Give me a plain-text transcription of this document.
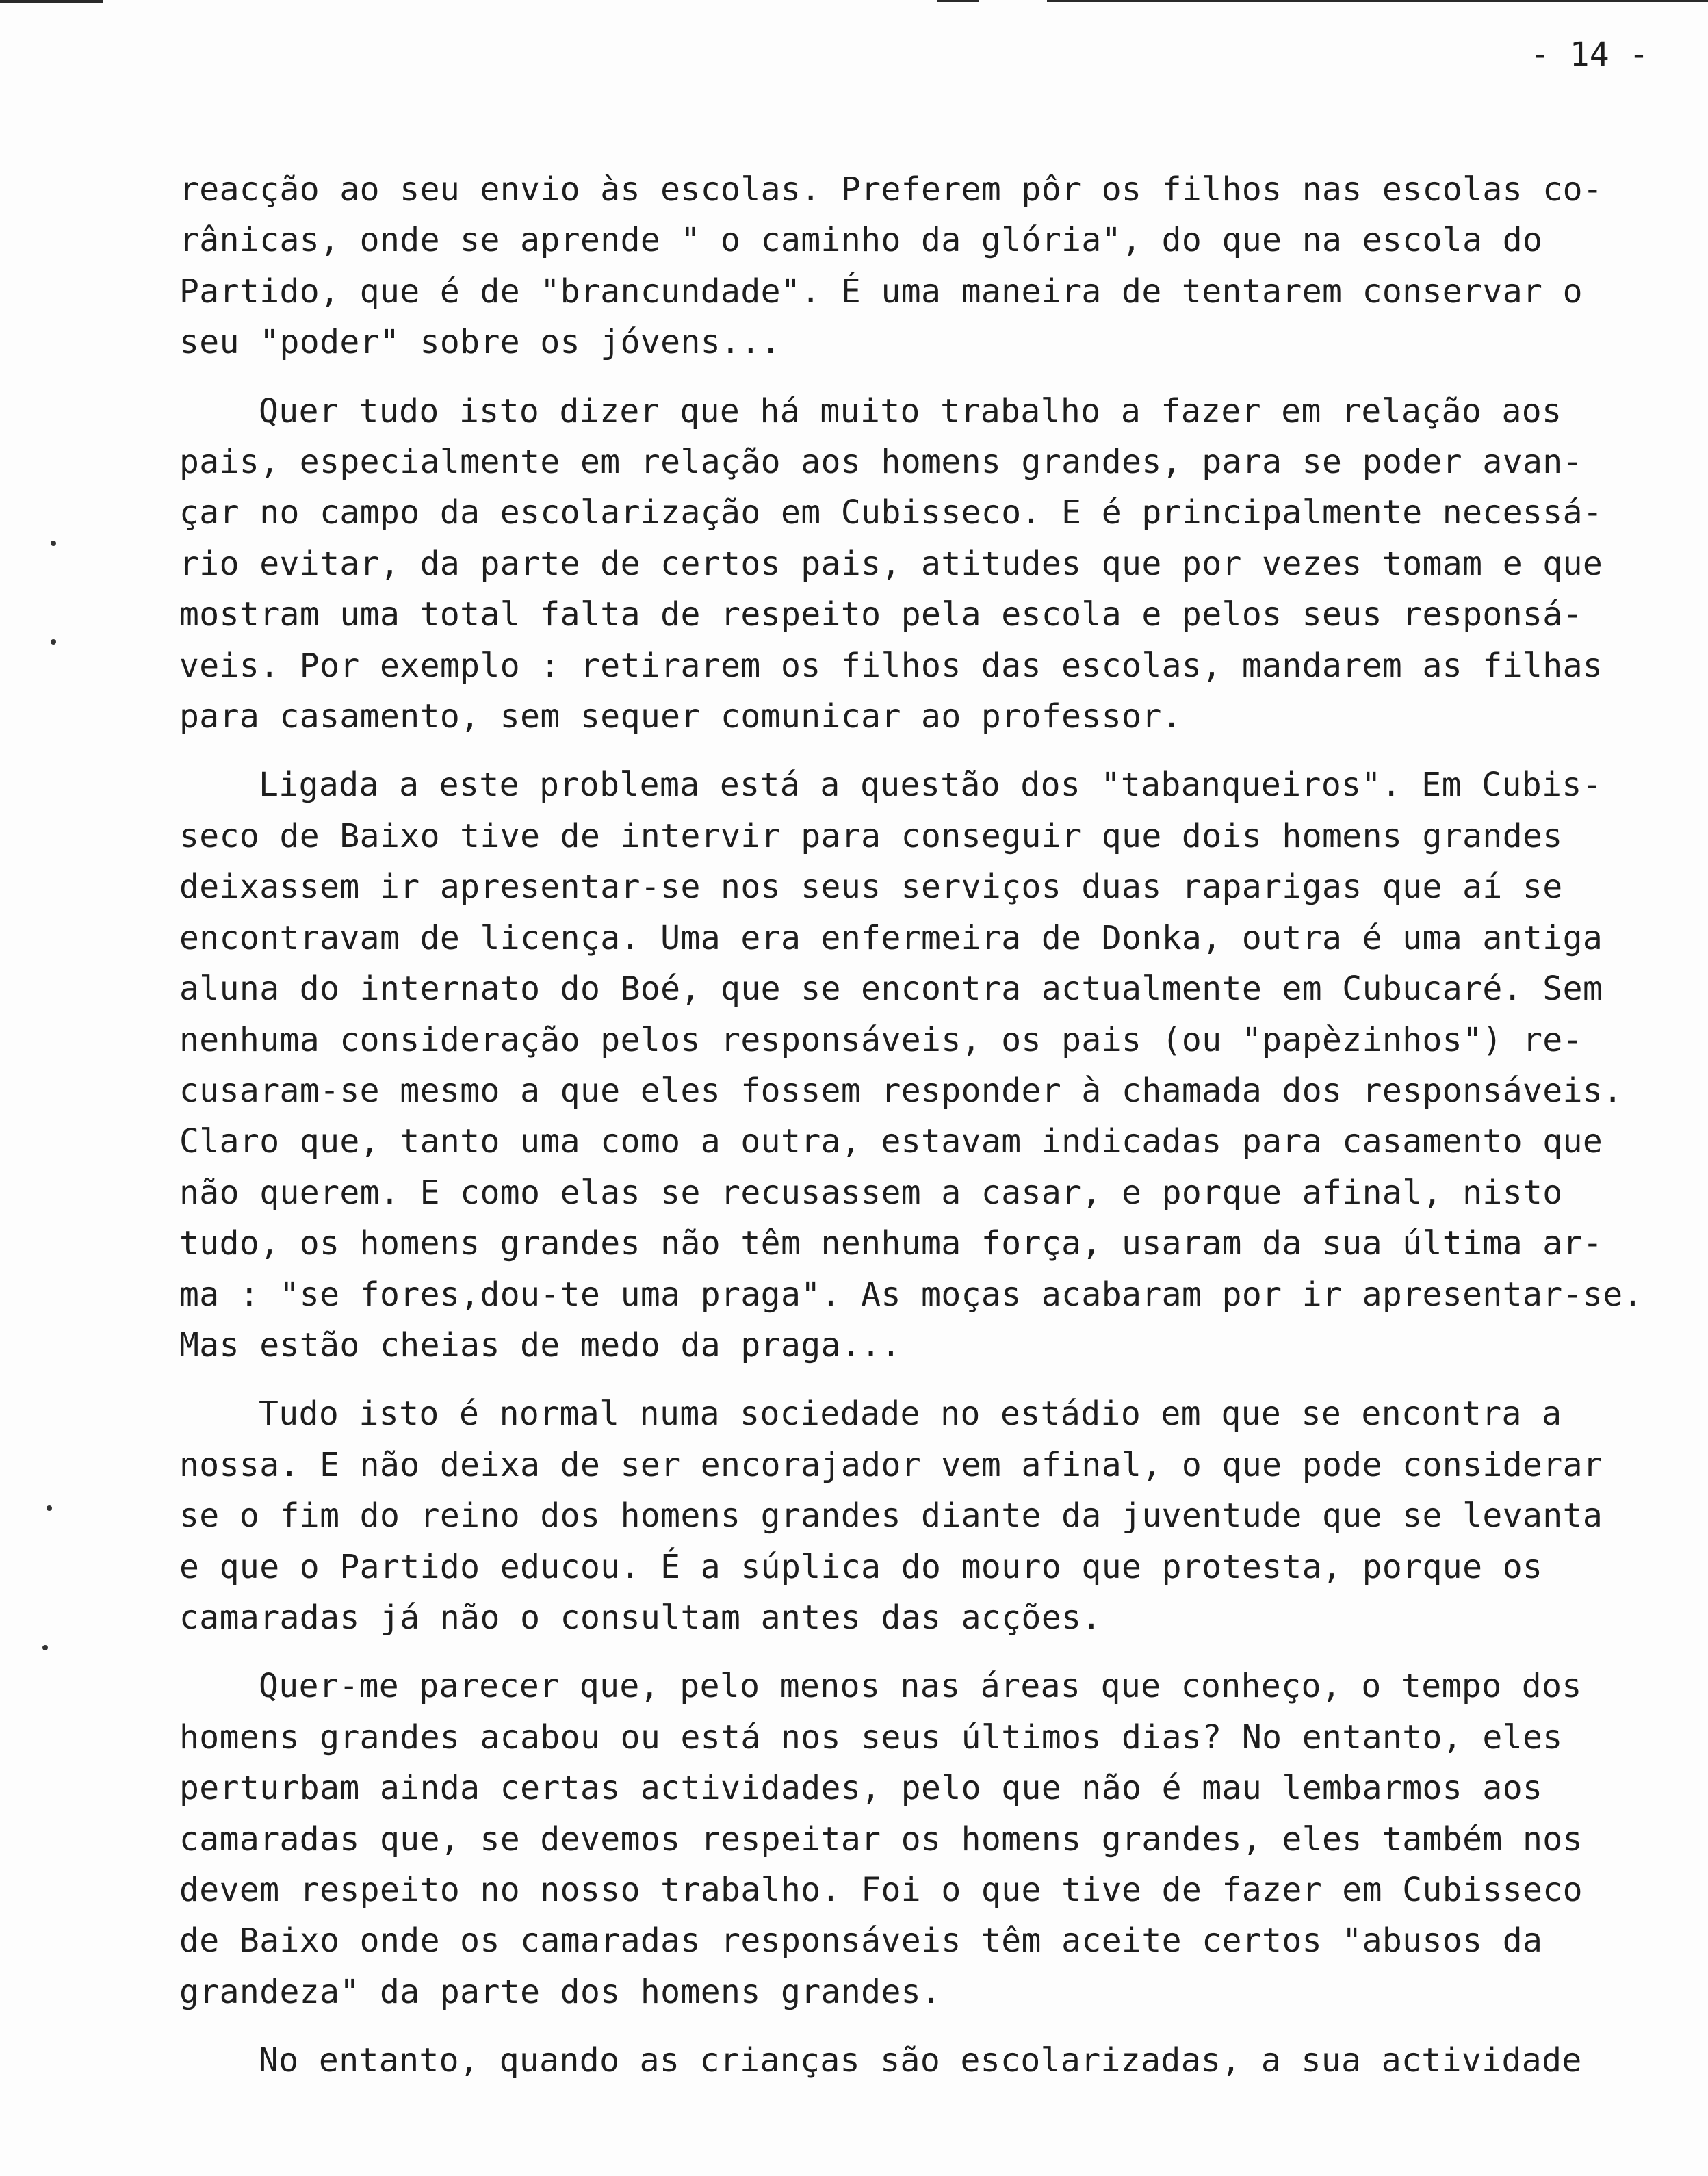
- 14 -
reacção ao seu envio às escolas. Preferem pôr os filhos nas escolas co-
rânicas, onde se aprende " o caminho da glória", do que na escola do
Partido, que é de "brancundade". É uma maneira de tentarem conservar o
seu "poder" sobre os jóvens...
Quer tudo isto dizer que há muito trabalho a fazer em relação aos
pais, especialmente em relação aos homens grandes, para se poder avan-
çar no campo da escolarização em Cubisseco. E é principalmente necessá-
rio evitar, da parte de certos pais, atitudes que por vezes tomam e que
mostram uma total falta de respeito pela escola e pelos seus responsá-
veis. Por exemplo : retirarem os filhos das escolas, mandarem as filhas
para casamento, sem sequer comunicar ao professor.
Ligada a este problema está a questão dos "tabanqueiros". Em Cubis-
seco de Baixo tive de intervir para conseguir que dois homens grandes
deixassem ir apresentar-se nos seus serviços duas raparigas que aí se
encontravam de licença. Uma era enfermeira de Donka, outra é uma antiga
aluna do internato do Boé, que se encontra actualmente em Cubucaré. Sem
nenhuma consideração pelos responsáveis, os pais (ou "papèzinhos") re-
cusaram-se mesmo a que eles fossem responder à chamada dos responsáveis.
Claro que, tanto uma como a outra, estavam indicadas para casamento que
não querem. E como elas se recusassem a casar, e porque afinal, nisto
tudo, os homens grandes não têm nenhuma força, usaram da sua última ar-
ma : "se fores,dou-te uma praga". As moças acabaram por ir apresentar-se.
Mas estão cheias de medo da praga...
Tudo isto é normal numa sociedade no estádio em que se encontra a
nossa. E não deixa de ser encorajador vem afinal, o que pode considerar
se o fim do reino dos homens grandes diante da juventude que se levanta
e que o Partido educou. É a súplica do mouro que protesta, porque os
camaradas já não o consultam antes das acções.
Quer-me parecer que, pelo menos nas áreas que conheço, o tempo dos
homens grandes acabou ou está nos seus últimos dias? No entanto, eles
perturbam ainda certas actividades, pelo que não é mau lembarmos aos
camaradas que, se devemos respeitar os homens grandes, eles também nos
devem respeito no nosso trabalho. Foi o que tive de fazer em Cubisseco
de Baixo onde os camaradas responsáveis têm aceite certos "abusos da
grandeza" da parte dos homens grandes.
No entanto, quando as crianças são escolarizadas, a sua actividade
